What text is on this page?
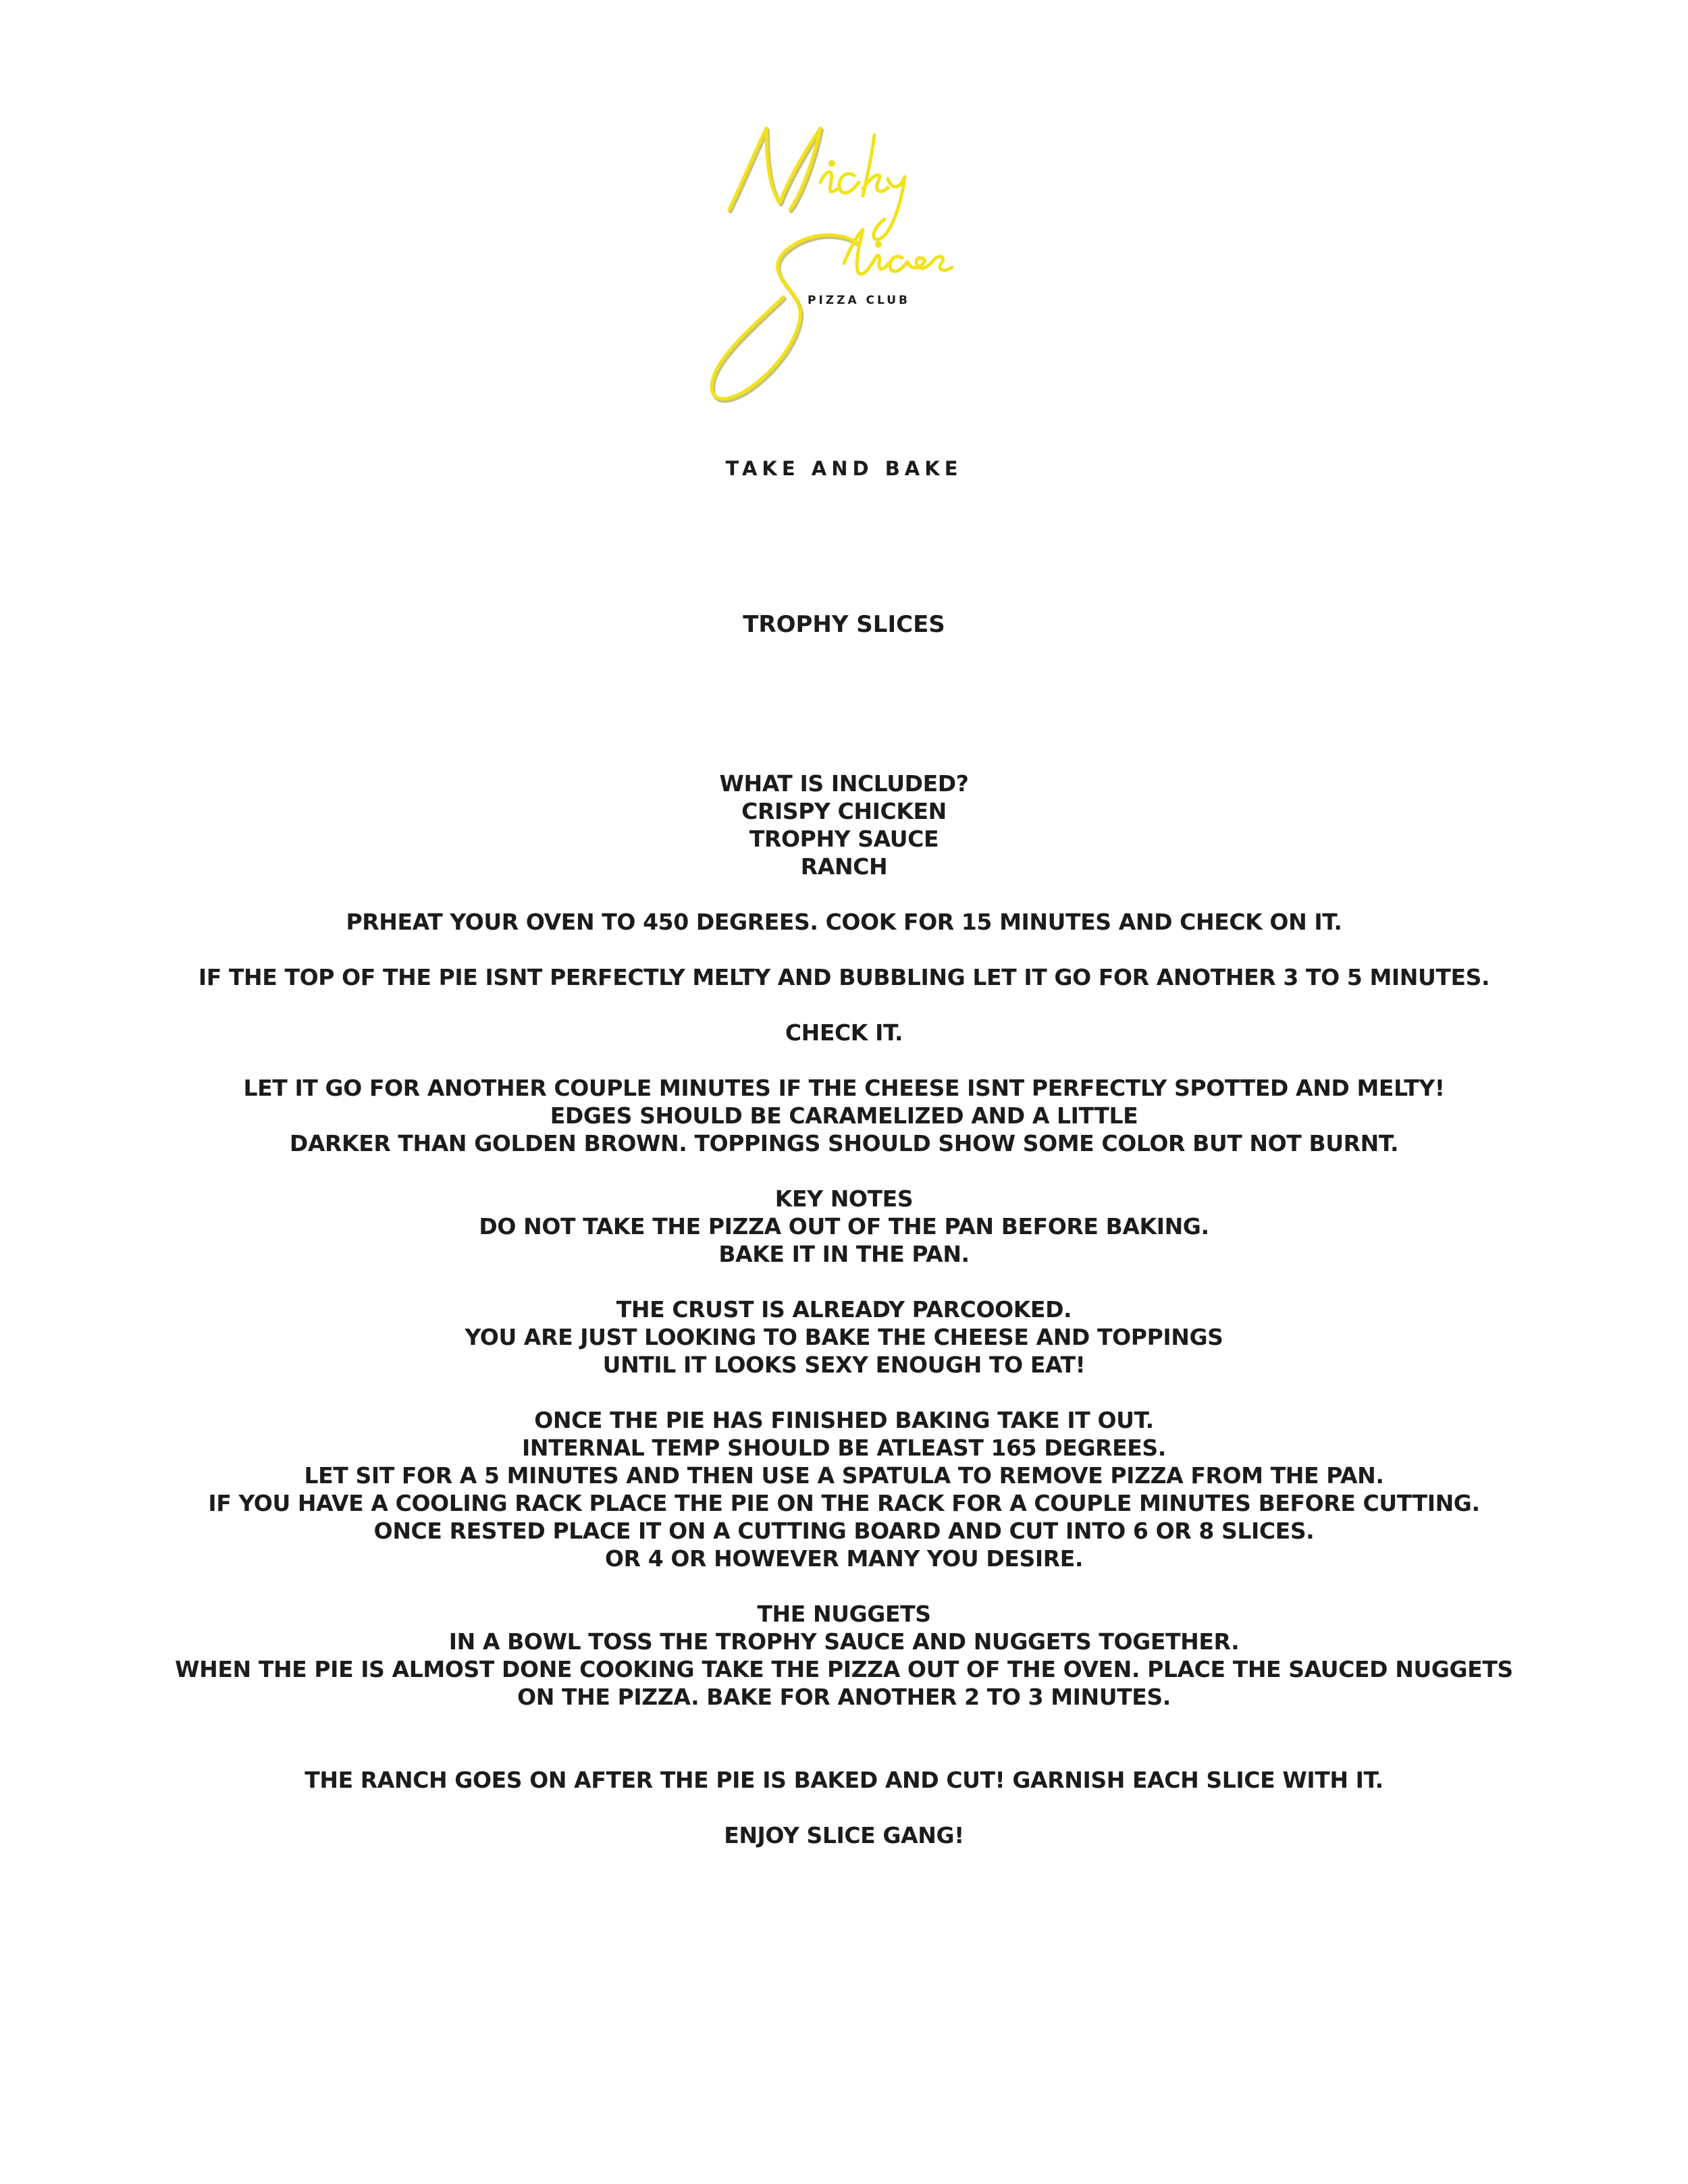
PIZZA CLUB
TAKE AND BAKE
TROPHY SLICES
WHAT IS INCLUDED?
CRISPY CHICKEN
TROPHY SAUCE
RANCH
PRHEAT YOUR OVEN TO 450 DEGREES. COOK FOR 15 MINUTES AND CHECK ON IT.
IF THE TOP OF THE PIE ISNT PERFECTLY MELTY AND BUBBLING LET IT GO FOR ANOTHER 3 TO 5 MINUTES.
CHECK IT.
LET IT GO FOR ANOTHER COUPLE MINUTES IF THE CHEESE ISNT PERFECTLY SPOTTED AND MELTY!
EDGES SHOULD BE CARAMELIZED AND A LITTLE
DARKER THAN GOLDEN BROWN. TOPPINGS SHOULD SHOW SOME COLOR BUT NOT BURNT.
KEY NOTES
DO NOT TAKE THE PIZZA OUT OF THE PAN BEFORE BAKING.
BAKE IT IN THE PAN.
THE CRUST IS ALREADY PARCOOKED.
YOU ARE JUST LOOKING TO BAKE THE CHEESE AND TOPPINGS
UNTIL IT LOOKS SEXY ENOUGH TO EAT!
ONCE THE PIE HAS FINISHED BAKING TAKE IT OUT.
INTERNAL TEMP SHOULD BE ATLEAST 165 DEGREES.
LET SIT FOR A 5 MINUTES AND THEN USE A SPATULA TO REMOVE PIZZA FROM THE PAN.
IF YOU HAVE A COOLING RACK PLACE THE PIE ON THE RACK FOR A COUPLE MINUTES BEFORE CUTTING.
ONCE RESTED PLACE IT ON A CUTTING BOARD AND CUT INTO 6 OR 8 SLICES.
OR 4 OR HOWEVER MANY YOU DESIRE.
THE NUGGETS
IN A BOWL TOSS THE TROPHY SAUCE AND NUGGETS TOGETHER.
WHEN THE PIE IS ALMOST DONE COOKING TAKE THE PIZZA OUT OF THE OVEN. PLACE THE SAUCED NUGGETS
ON THE PIZZA. BAKE FOR ANOTHER 2 TO 3 MINUTES.
THE RANCH GOES ON AFTER THE PIE IS BAKED AND CUT! GARNISH EACH SLICE WITH IT.
ENJOY SLICE GANG!
